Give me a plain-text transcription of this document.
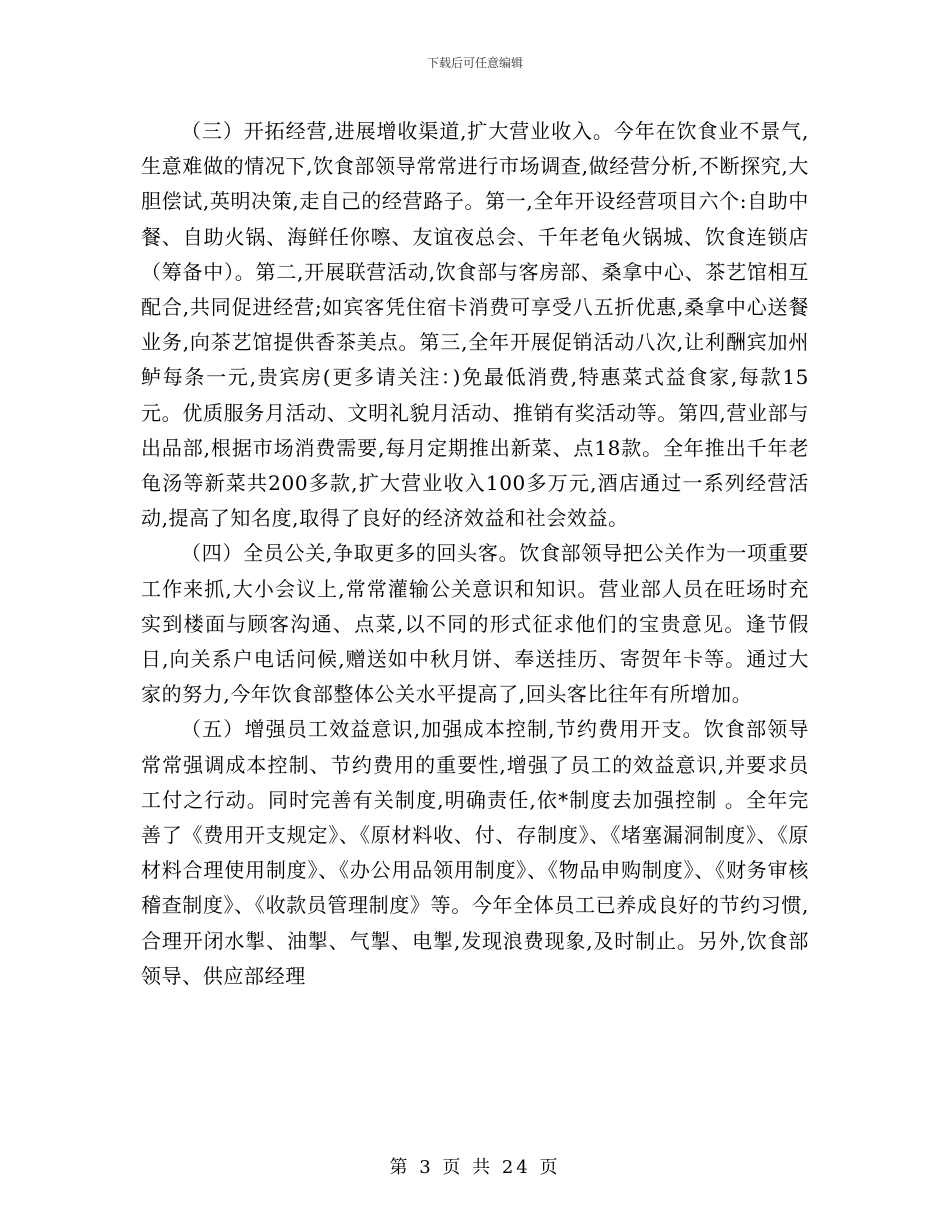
下载后可任意编辑

（三）开拓经营,进展增收渠道,扩大营业收入。今年在饮食业不景气,生意难做的情况下,饮食部领导常常进行市场调查,做经营分析,不断探究,大胆偿试,英明决策,走自己的经营路子。第一,全年开设经营项目六个:自助中餐、自助火锅、海鲜任你嚓、友谊夜总会、千年老龟火锅城、饮食连锁店（筹备中）。第二,开展联营活动,饮食部与客房部、桑拿中心、茶艺馆相互配合,共同促进经营;如宾客凭住宿卡消费可享受八五折优惠,桑拿中心送餐业务,向茶艺馆提供香茶美点。第三,全年开展促销活动八次,让利酬宾加州鲈每条一元,贵宾房(更多请关注：)免最低消费,特惠菜式益食家,每款15元。优质服务月活动、文明礼貌月活动、推销有奖活动等。第四,营业部与出品部,根据市场消费需要,每月定期推出新菜、点18款。全年推出千年老龟汤等新菜共200多款,扩大营业收入100多万元,酒店通过一系列经营活动,提高了知名度,取得了良好的经济效益和社会效益。

（四）全员公关,争取更多的回头客。饮食部领导把公关作为一项重要工作来抓,大小会议上,常常灌输公关意识和知识。营业部人员在旺场时充实到楼面与顾客沟通、点菜,以不同的形式征求他们的宝贵意见。逢节假日,向关系户电话问候,赠送如中秋月饼、奉送挂历、寄贺年卡等。通过大家的努力,今年饮食部整体公关水平提高了,回头客比往年有所增加。

（五）增强员工效益意识,加强成本控制,节约费用开支。饮食部领导常常强调成本控制、节约费用的重要性,增强了员工的效益意识,并要求员工付之行动。同时完善有关制度,明确责任,依*制度去加强控制 。全年完善了《费用开支规定》、《原材料收、付、存制度》、《堵塞漏洞制度》、《原材料合理使用制度》、《办公用品领用制度》、《物品申购制度》、《财务审核稽查制度》、《收款员管理制度》等。今年全体员工已养成良好的节约习惯,合理开闭水掣、油掣、气掣、电掣,发现浪费现象,及时制止。另外,饮食部领导、供应部经理

第 3 页 共 24 页
